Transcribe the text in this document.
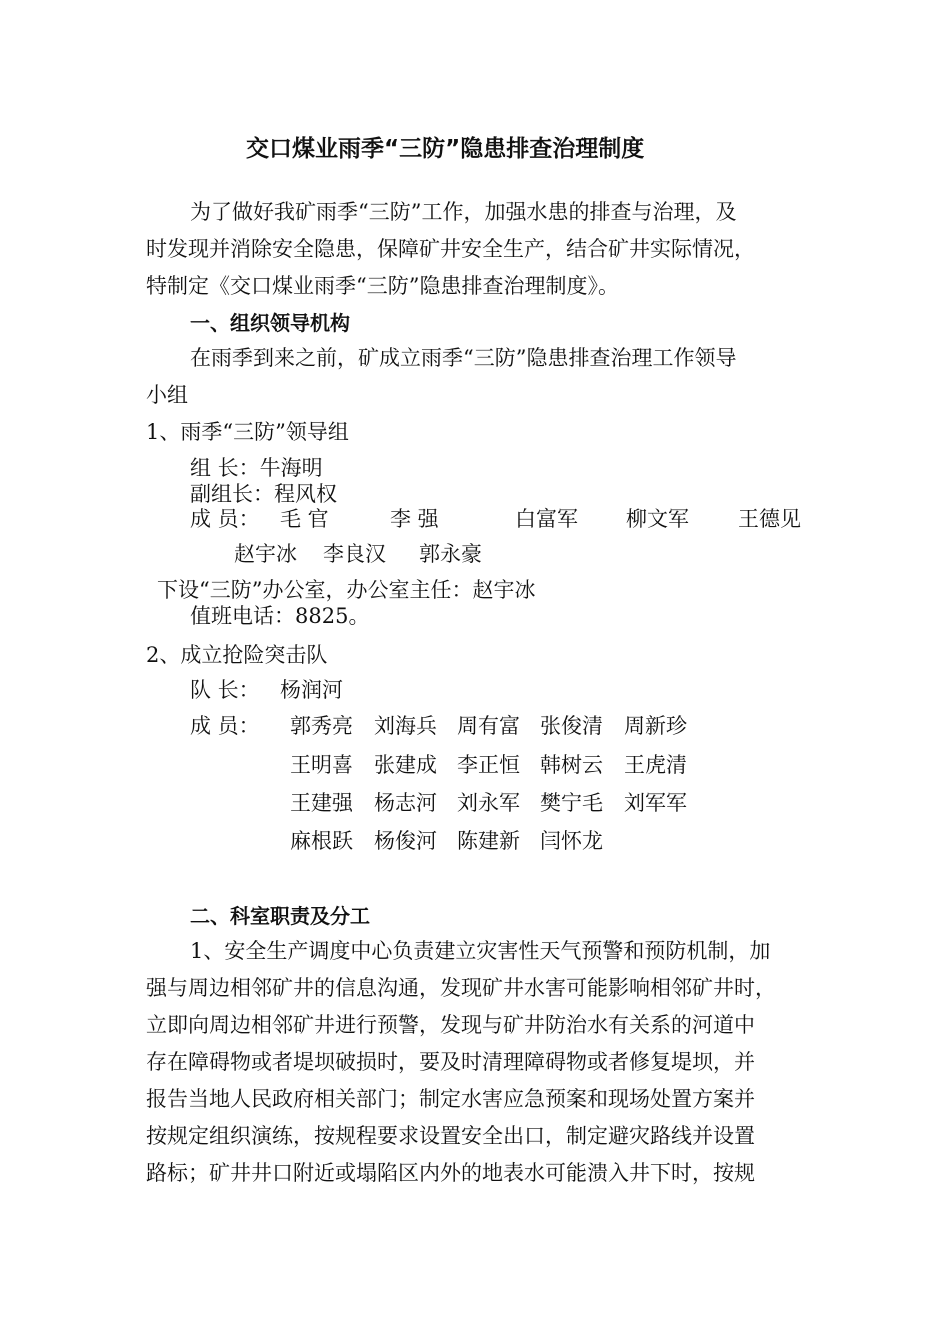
交口煤业雨季“三防”隐患排查治理制度
为了做好我矿雨季“三防”工作，加强水患的排查与治理，及
时发现并消除安全隐患，保障矿井安全生产，结合矿井实际情况，
特制定《交口煤业雨季“三防”隐患排查治理制度》。
一、组织领导机构
在雨季到来之前，矿成立雨季“三防”隐患排查治理工作领导
小组
1、雨季“三防”领导组
组 长：牛海明
副组长：程风权
成 员： 毛 官	李 强	白富军 柳文军 王德见
赵宇冰 李良汉 郭永豪
下设“三防”办公室，办公室主任：赵宇冰
值班电话：8825。
2、成立抢险突击队
队 长： 杨润河
成 员： 郭秀亮 刘海兵 周有富 张俊清 周新珍
王明喜 张建成 李正恒 韩树云 王虎清
王建强 杨志河 刘永军 樊宁毛 刘军军
麻根跃 杨俊河 陈建新 闫怀龙
二、科室职责及分工
1、安全生产调度中心负责建立灾害性天气预警和预防机制，加
强与周边相邻矿井的信息沟通，发现矿井水害可能影响相邻矿井时，
立即向周边相邻矿井进行预警，发现与矿井防治水有关系的河道中
存在障碍物或者堤坝破损时，要及时清理障碍物或者修复堤坝，并
报告当地人民政府相关部门；制定水害应急预案和现场处置方案并
按规定组织演练，按规程要求设置安全出口，制定避灾路线并设置
路标；矿井井口附近或塌陷区内外的地表水可能溃入井下时，按规
